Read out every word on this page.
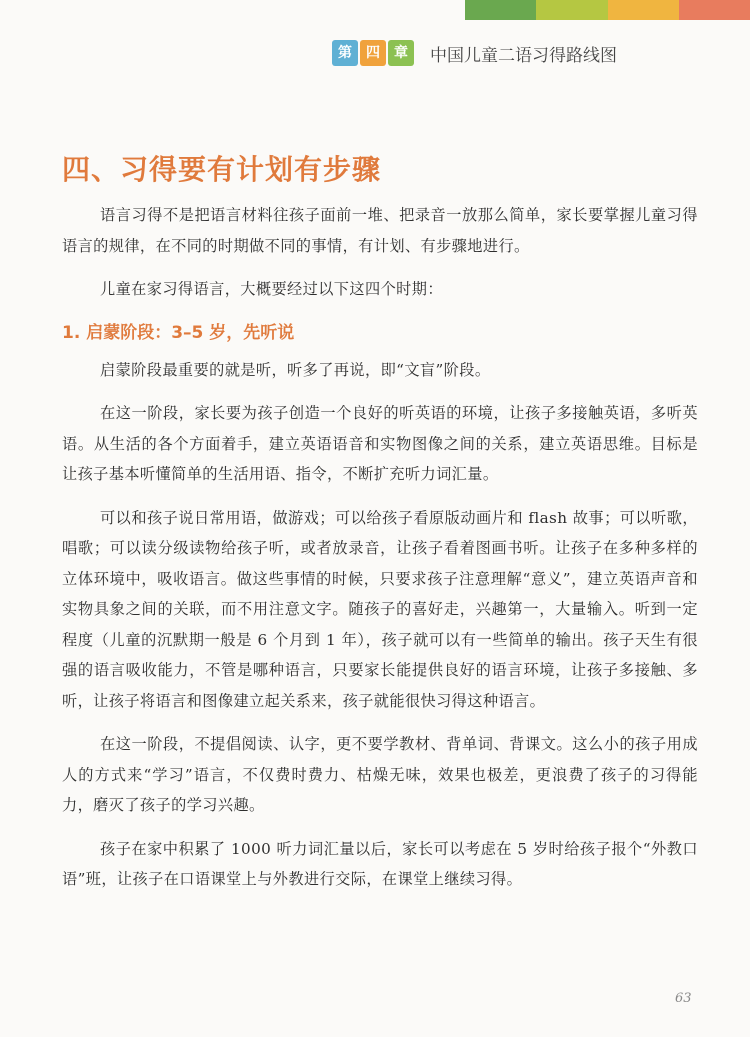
第	四	章	中国儿童二语习得路线图
四、习得要有计划有步骤

语言习得不是把语言材料往孩子面前一堆、把录音一放那么简单，家长要掌握儿童习得语言的规律，在不同的时期做不同的事情，有计划、有步骤地进行。

儿童在家习得语言，大概要经过以下这四个时期：

1. 启蒙阶段：3–5 岁，先听说

启蒙阶段最重要的就是听，听多了再说，即“文盲”阶段。

在这一阶段，家长要为孩子创造一个良好的听英语的环境，让孩子多接触英语，多听英语。从生活的各个方面着手，建立英语语音和实物图像之间的关系，建立英语思维。目标是让孩子基本听懂简单的生活用语、指令，不断扩充听力词汇量。

可以和孩子说日常用语，做游戏；可以给孩子看原版动画片和 flash 故事；可以听歌，唱歌；可以读分级读物给孩子听，或者放录音，让孩子看着图画书听。让孩子在多种多样的立体环境中，吸收语言。做这些事情的时候，只要求孩子注意理解“意义”，建立英语声音和实物具象之间的关联，而不用注意文字。随孩子的喜好走，兴趣第一，大量输入。听到一定程度（儿童的沉默期一般是 6 个月到 1 年），孩子就可以有一些简单的输出。孩子天生有很强的语言吸收能力，不管是哪种语言，只要家长能提供良好的语言环境，让孩子多接触、多听，让孩子将语言和图像建立起关系来，孩子就能很快习得这种语言。

在这一阶段，不提倡阅读、认字，更不要学教材、背单词、背课文。这么小的孩子用成人的方式来“学习”语言，不仅费时费力、枯燥无味，效果也极差，更浪费了孩子的习得能力，磨灭了孩子的学习兴趣。

孩子在家中积累了 1000 听力词汇量以后，家长可以考虑在 5 岁时给孩子报个“外教口语”班，让孩子在口语课堂上与外教进行交际，在课堂上继续习得。

63
